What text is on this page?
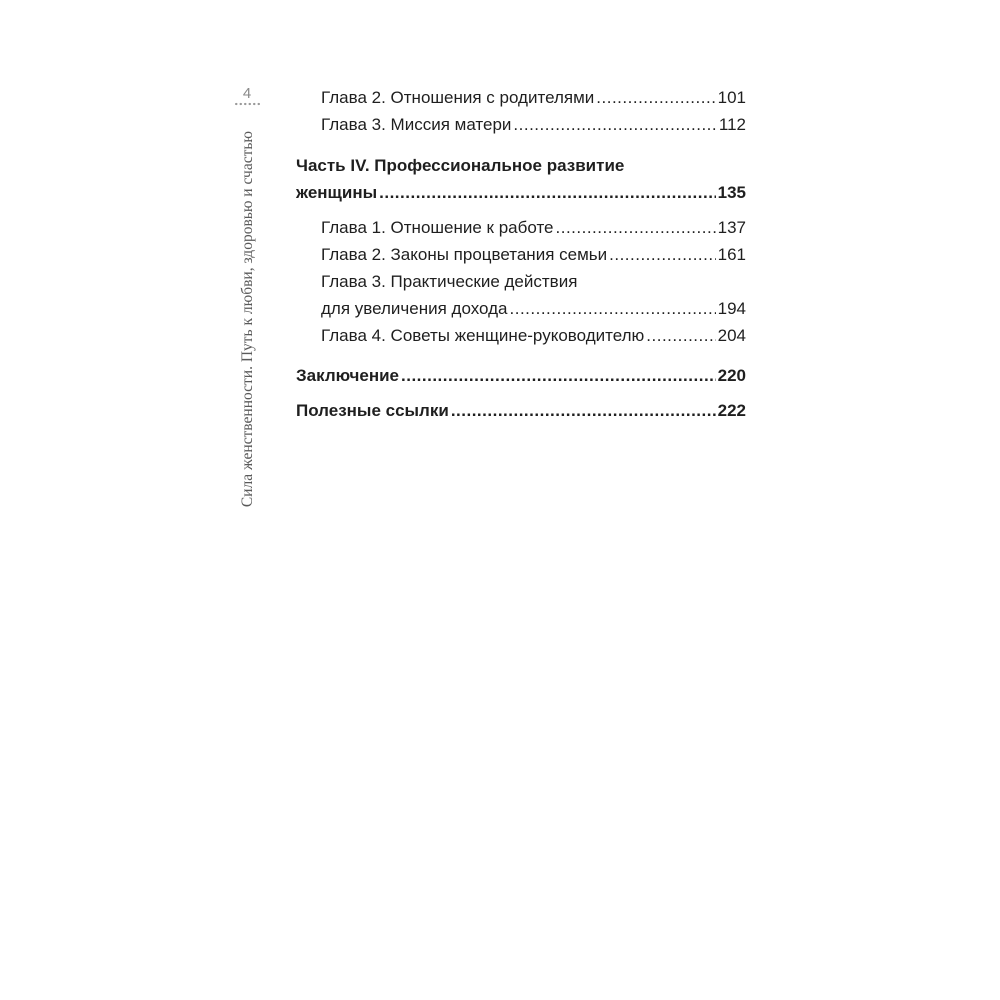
4
Сила женственности. Путь к любви, здоровью и счастью
Глава 2. Отношения с родителями .....	101
Глава 3. Миссия матери .....	112
Часть IV. Профессиональное развитие
женщины .....	135
Глава 1. Отношение к работе .....	137
Глава 2. Законы процветания семьи .....	161
Глава 3. Практические действия
для увеличения дохода .....	194
Глава 4. Советы женщине-руководителю .....	204
Заключение .....	220
Полезные ссылки .....	222
